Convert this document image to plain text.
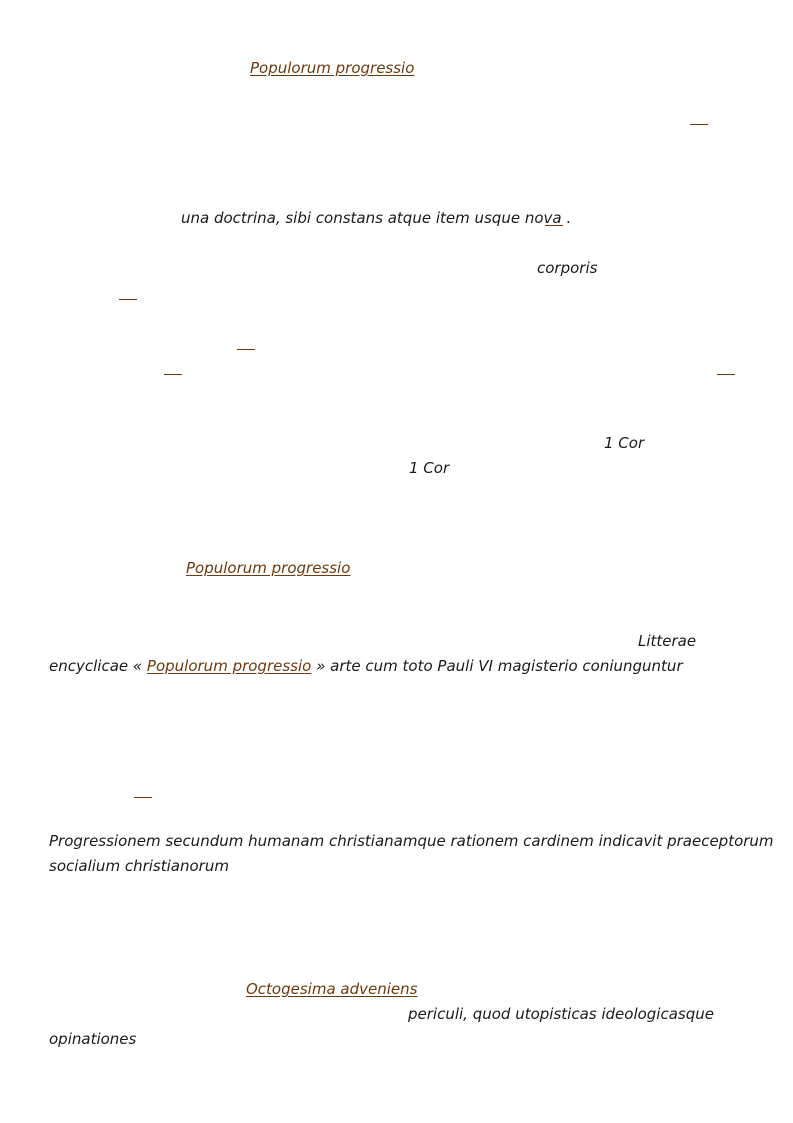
Populorum progressio
una doctrina, sibi constans atque item usque nova .
corporis
1 Cor
1 Cor
Populorum progressio
Litterae
encyclicae « Populorum progressio » arte cum toto Pauli VI magisterio coniunguntur
Progressionem secundum humanam christianamque rationem cardinem indicavit praeceptorum
socialium christianorum
Octogesima adveniens
periculi, quod utopisticas ideologicasque
opinationes
